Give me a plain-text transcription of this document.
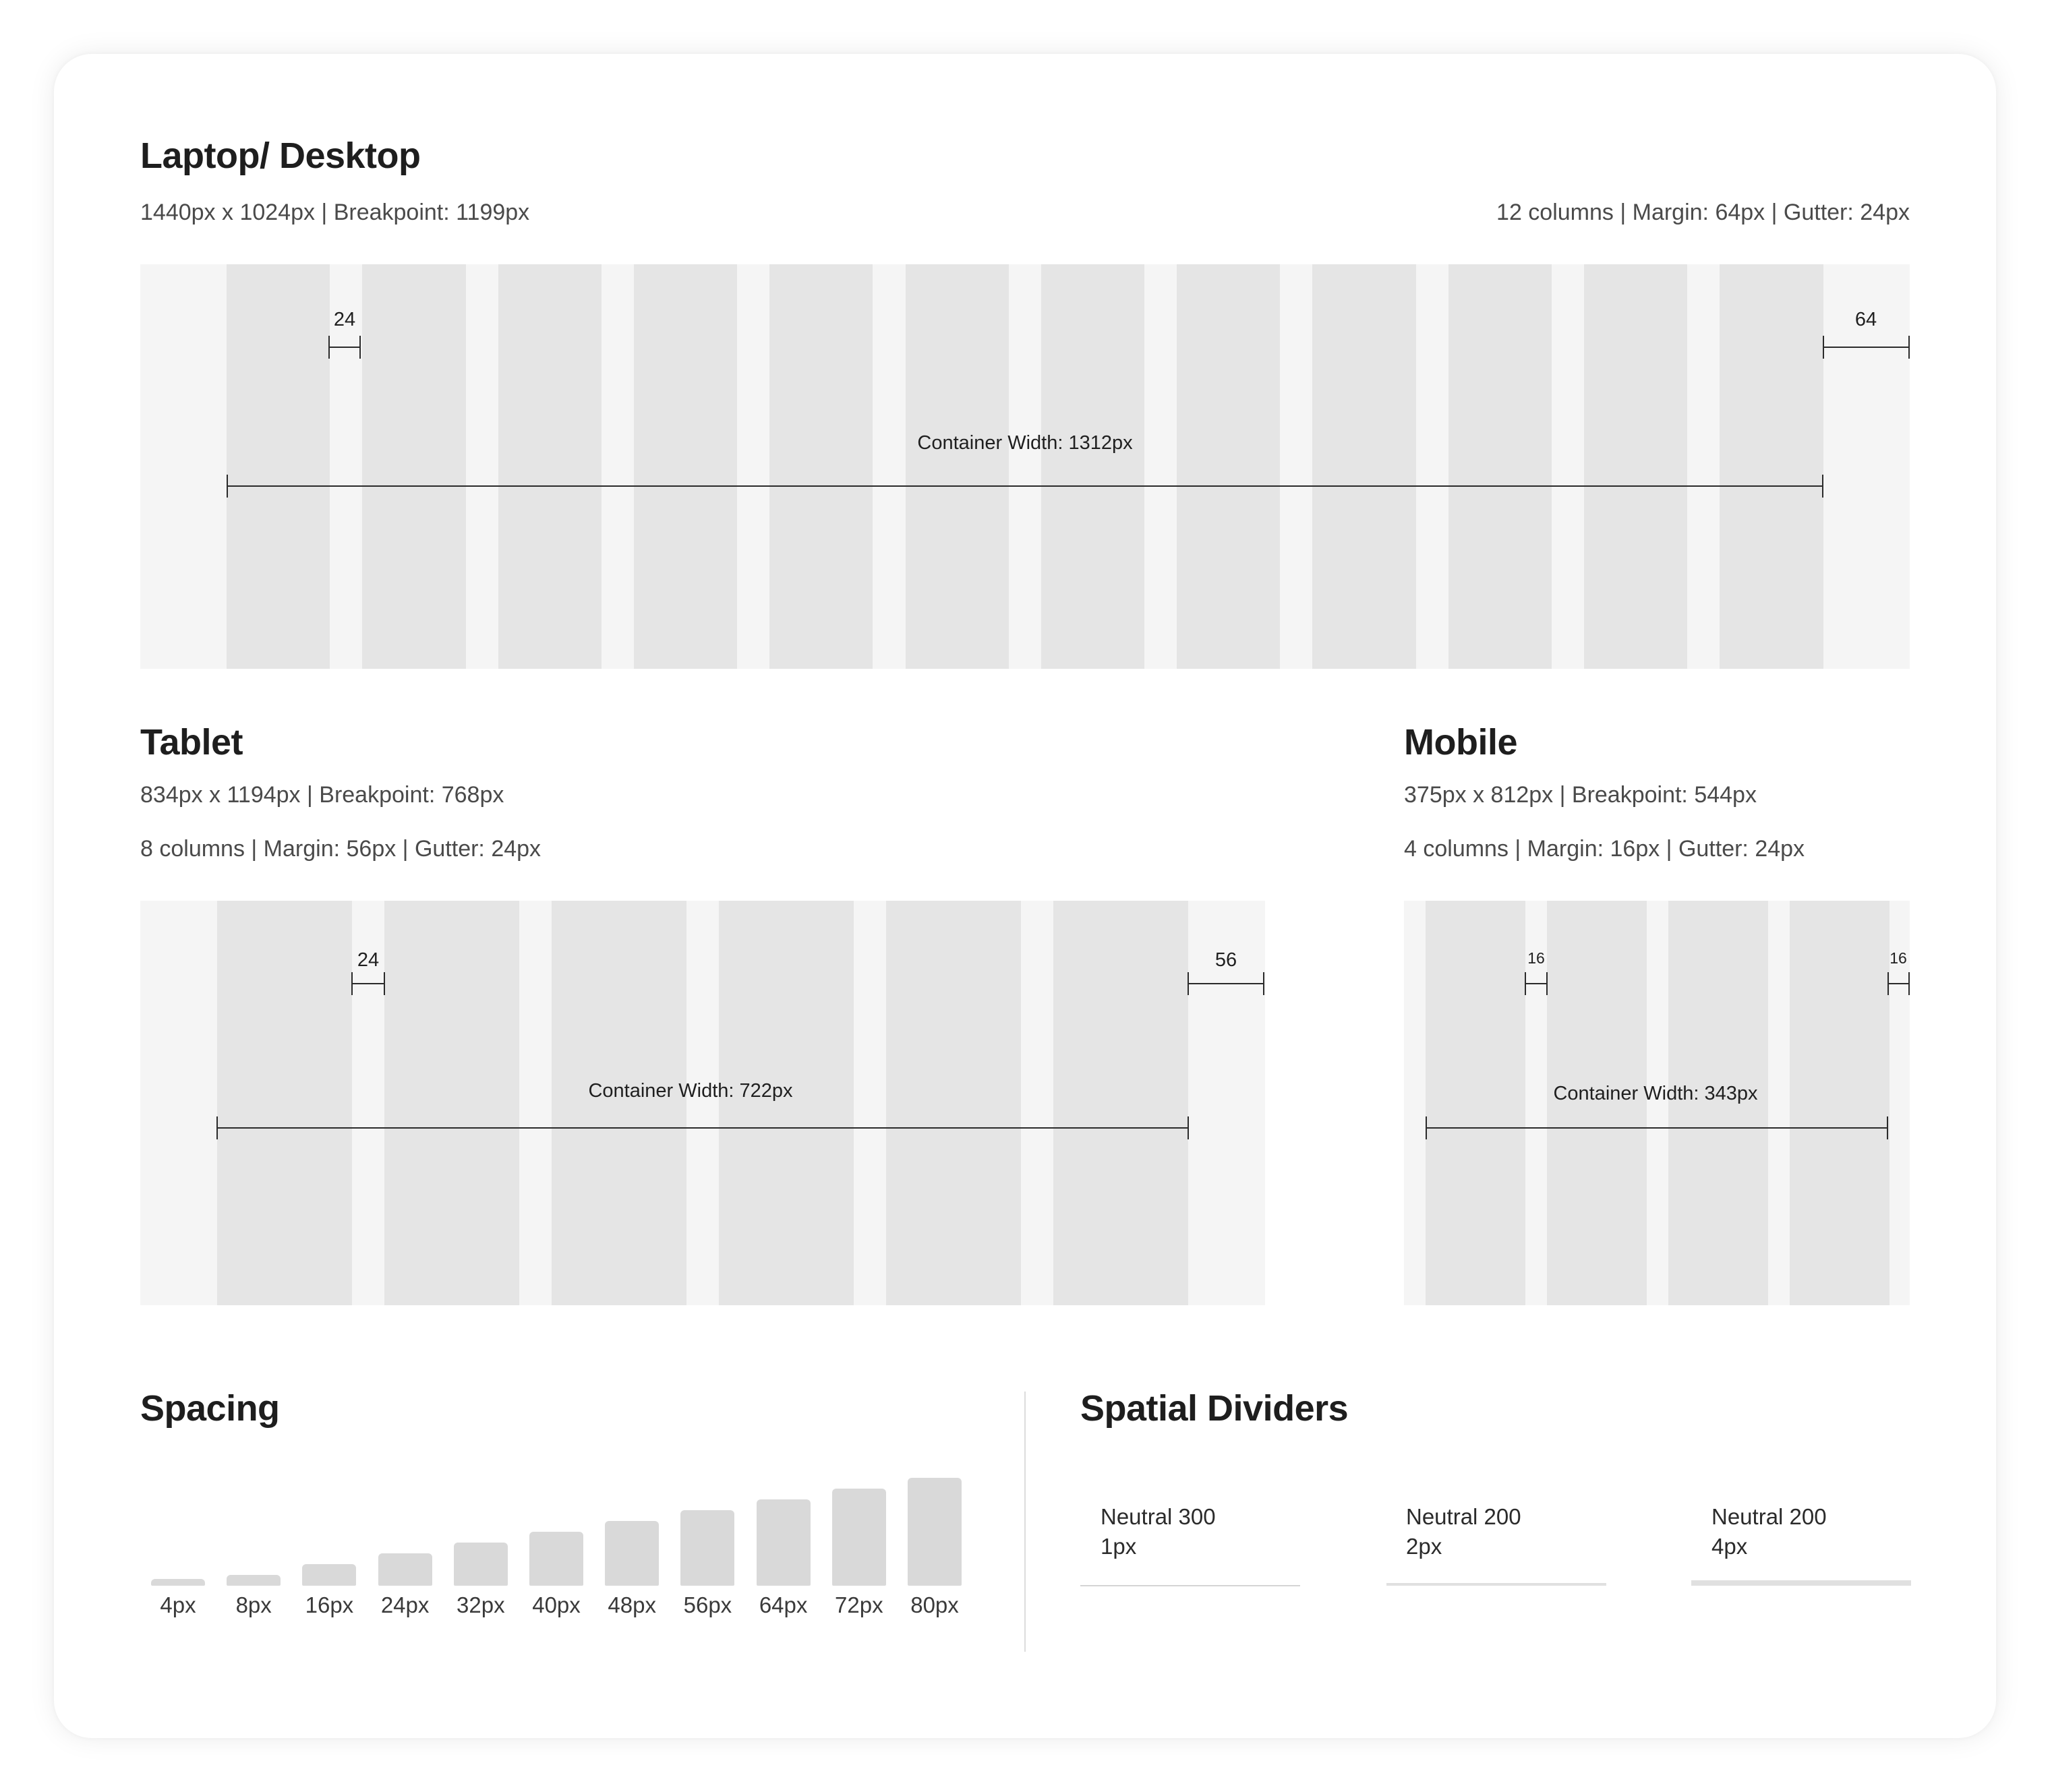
Laptop/ Desktop
1440px x 1024px | Breakpoint: 1199px	12 columns | Margin: 64px | Gutter: 24px
24	64
Container Width: 1312px
Tablet
834px x 1194px | Breakpoint: 768px
8 columns | Margin: 56px | Gutter: 24px
24	56
Container Width: 722px
Mobile
375px x 812px | Breakpoint: 544px
4 columns | Margin: 16px | Gutter: 24px
16	16
Container Width: 343px
Spacing
4px 8px 16px 24px 32px 40px 48px 56px 64px 72px 80px
Spatial Dividers
Neutral 300
1px
Neutral 200
2px
Neutral 200
4px
